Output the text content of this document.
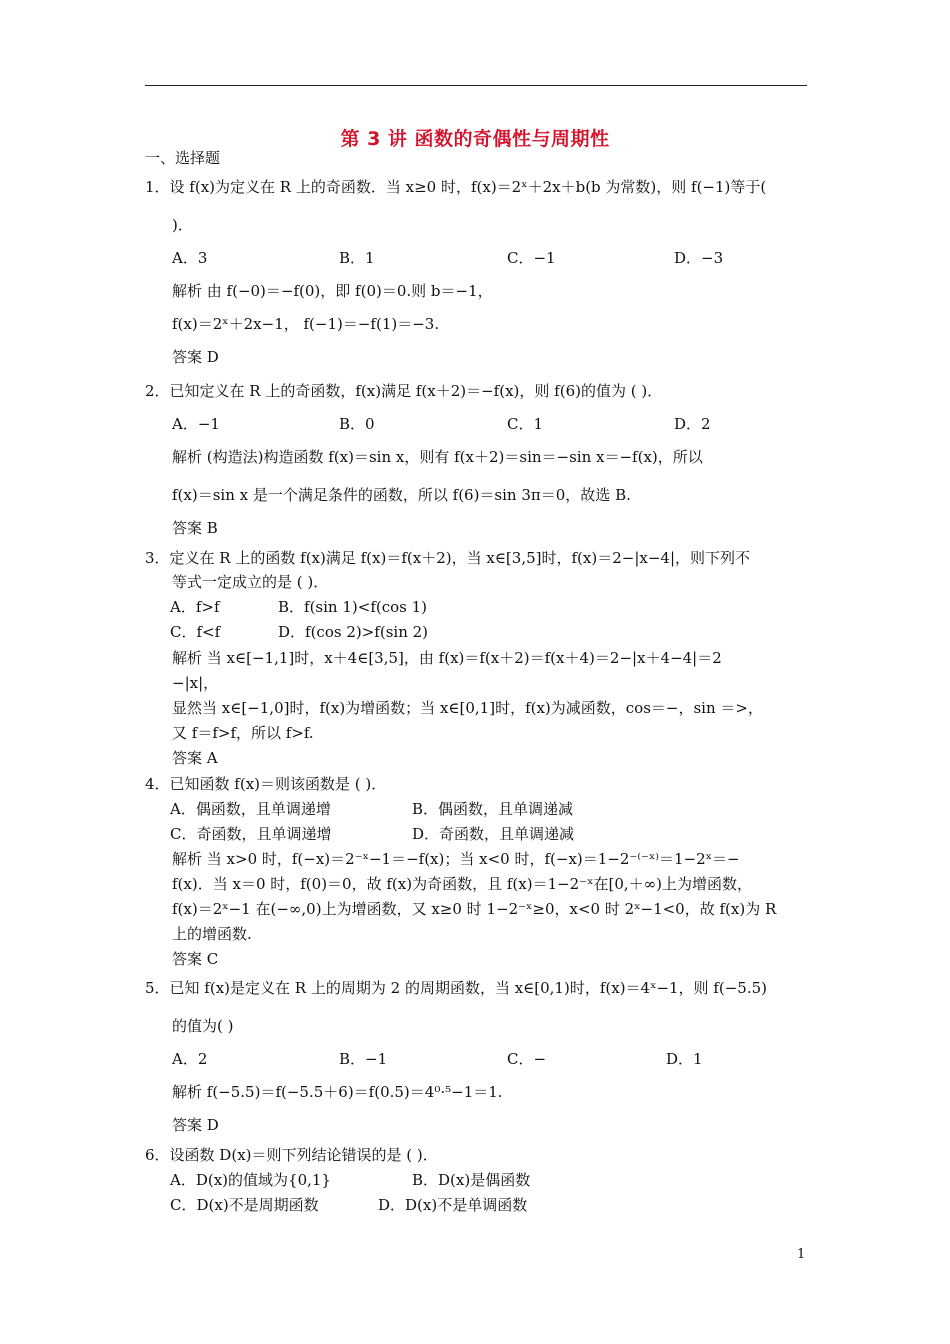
第 3 讲 函数的奇偶性与周期性
一、选择题
1．设 f(x)为定义在 R 上的奇函数．当 x≥0 时，f(x)＝2ˣ＋2x＋b(b 为常数)，则 f(−1)等于(
)．
A．3	B．1	C．−1	D．−3
解析 由 f(−0)＝−f(0)，即 f(0)＝0.则 b＝−1，
f(x)＝2ˣ＋2x−1， f(−1)＝−f(1)＝−3.
答案 D
2．已知定义在 R 上的奇函数，f(x)满足 f(x＋2)＝−f(x)，则 f(6)的值为 ( )．
A．−1	B．0	C．1	D．2
解析 (构造法)构造函数 f(x)＝sin x，则有 f(x＋2)＝sin＝−sin x＝−f(x)，所以
f(x)＝sin x 是一个满足条件的函数，所以 f(6)＝sin 3π＝0，故选 B.
答案 B
3．定义在 R 上的函数 f(x)满足 f(x)＝f(x＋2)，当 x∈[3,5]时，f(x)＝2−|x−4|，则下列不
等式一定成立的是 ( )．
A．f>f	B．f(sin 1)<f(cos 1)
C．f<f	D．f(cos 2)>f(sin 2)
解析 当 x∈[−1,1]时，x＋4∈[3,5]，由 f(x)＝f(x＋2)＝f(x＋4)＝2−|x＋4−4|＝2
−|x|，
显然当 x∈[−1,0]时，f(x)为增函数；当 x∈[0,1]时，f(x)为减函数，cos＝−，sin ＝>，
又 f＝f>f，所以 f>f.
答案 A
4．已知函数 f(x)＝则该函数是 ( )．
A．偶函数，且单调递增	B．偶函数，且单调递减
C．奇函数，且单调递增	D．奇函数，且单调递减
解析 当 x>0 时，f(−x)＝2⁻ˣ−1＝−f(x)；当 x<0 时，f(−x)＝1−2⁻⁽⁻ˣ⁾＝1−2ˣ＝−
f(x)．当 x＝0 时，f(0)＝0，故 f(x)为奇函数，且 f(x)＝1−2⁻ˣ在[0,＋∞)上为增函数，
f(x)＝2ˣ−1 在(−∞,0)上为增函数，又 x≥0 时 1−2⁻ˣ≥0，x<0 时 2ˣ−1<0，故 f(x)为 R
上的增函数.
答案 C
5．已知 f(x)是定义在 R 上的周期为 2 的周期函数，当 x∈[0,1)时，f(x)＝4ˣ−1，则 f(−5.5)
的值为( )
A．2	B．−1	C．−	D．1
解析 f(−5.5)＝f(−5.5＋6)＝f(0.5)＝4⁰·⁵−1＝1.
答案 D
6．设函数 D(x)＝则下列结论错误的是 ( )．
A．D(x)的值域为{0,1}	B．D(x)是偶函数
C．D(x)不是周期函数	D．D(x)不是单调函数
1
